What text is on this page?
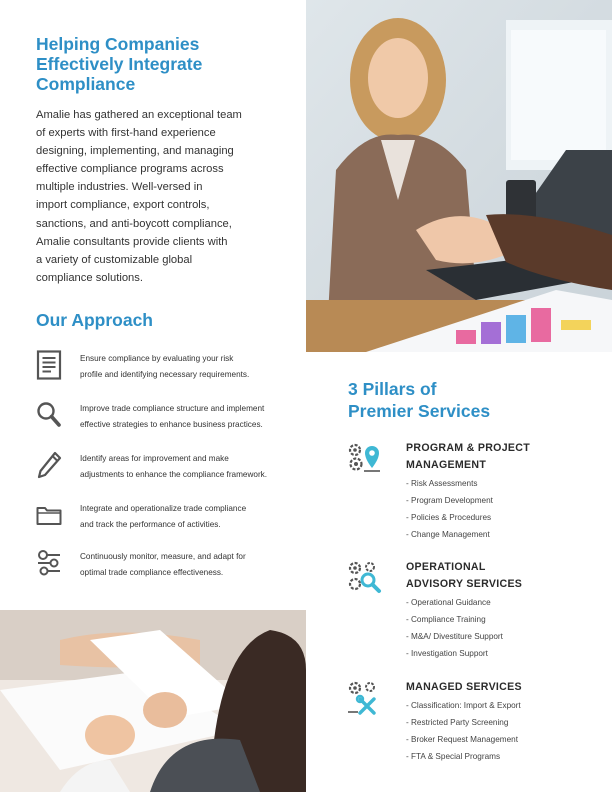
Helping Companies
Effectively Integrate
Compliance
Amalie has gathered an exceptional team
of experts with first-hand experience
designing, implementing, and managing
effective compliance programs across
multiple industries. Well-versed in
import compliance, export controls,
sanctions, and anti-boycott compliance,
Amalie consultants provide clients with
a variety of customizable global
compliance solutions.
Our Approach
Ensure compliance by evaluating your risk
profile and identifying necessary requirements.
Improve trade compliance structure and implement
effective strategies to enhance business practices.
Identify areas for improvement and make
adjustments to enhance the compliance framework.
Integrate and operationalize trade compliance
and track the performance of activities.
Continuously monitor, measure, and adapt for
optimal trade compliance effectiveness.
3 Pillars of
Premier Services
PROGRAM & PROJECT
MANAGEMENT
- Risk Assessments
- Program Development
- Policies & Procedures
- Change Management
OPERATIONAL
ADVISORY SERVICES
- Operational Guidance
- Compliance Training
- M&A/ Divestiture Support
- Investigation Support
MANAGED SERVICES
- Classification: Import & Export
- Restricted Party Screening
- Broker Request Management
- FTA & Special Programs
